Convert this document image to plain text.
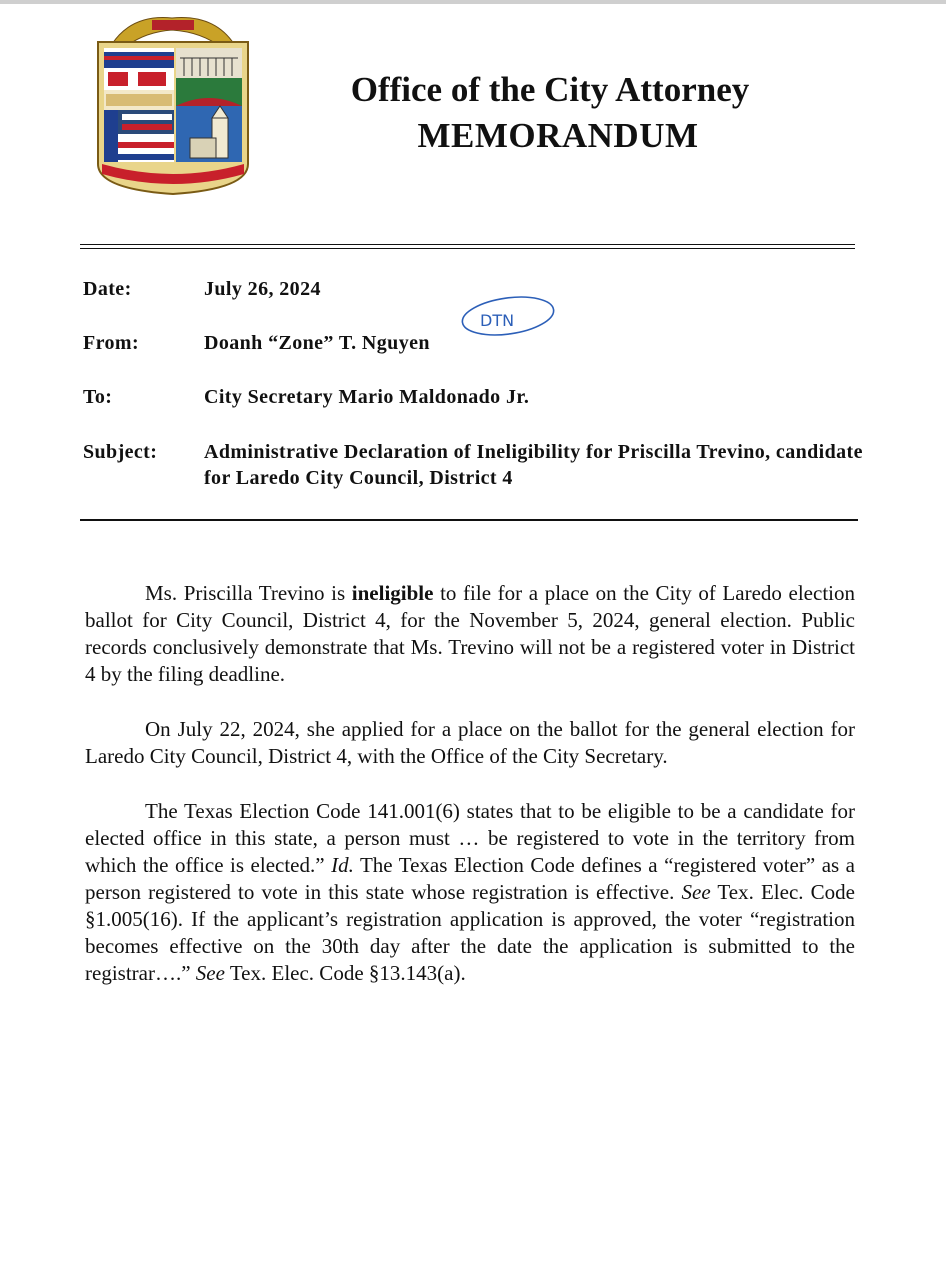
Office of the City Attorney
MEMORANDUM
Date:	July 26, 2024
From:	Doanh “Zone” T. Nguyen
DTN
To:	City Secretary Mario Maldonado Jr.
Subject: Administrative Declaration of Ineligibility for Priscilla Trevino, candidate for Laredo City Council, District 4

Ms. Priscilla Trevino is ineligible to file for a place on the City of Laredo election ballot for City Council, District 4, for the November 5, 2024, general election. Public records conclusively demonstrate that Ms. Trevino will not be a registered voter in District 4 by the filing deadline.

On July 22, 2024, she applied for a place on the ballot for the general election for Laredo City Council, District 4, with the Office of the City Secretary.

The Texas Election Code 141.001(6) states that to be eligible to be a candidate for elected office in this state, a person must … be registered to vote in the territory from which the office is elected.” Id. The Texas Election Code defines a “registered voter” as a person registered to vote in this state whose registration is effective. See Tex. Elec. Code §1.005(16). If the applicant’s registration application is approved, the voter “registration becomes effective on the 30th day after the date the application is submitted to the registrar….” See Tex. Elec. Code §13.143(a).
